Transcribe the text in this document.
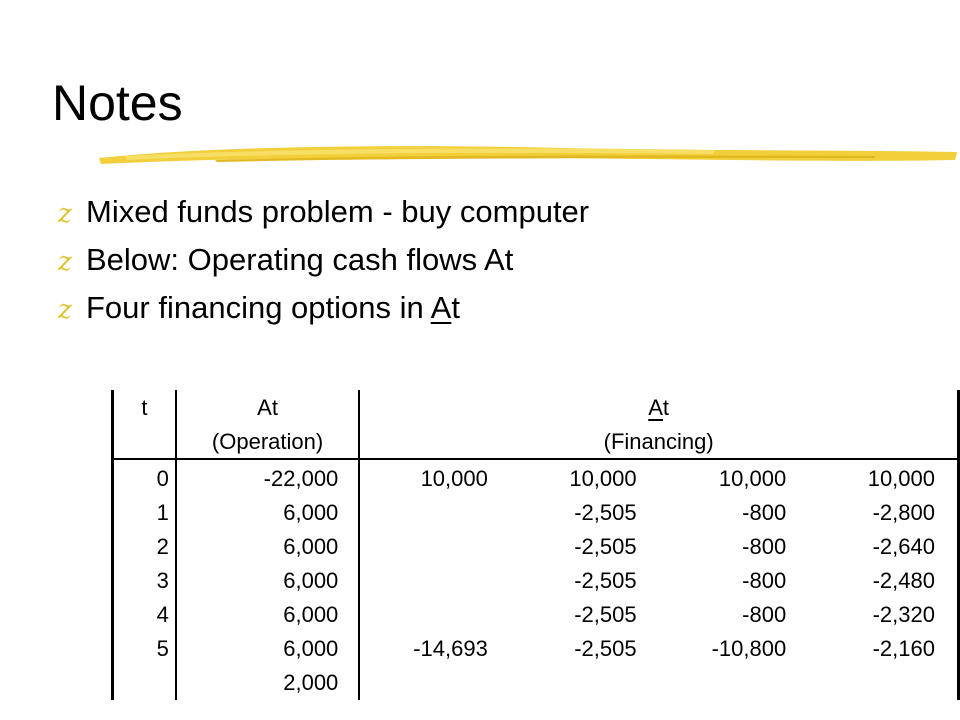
Notes
z Mixed funds problem - buy computer
z Below: Operating cash flows At
z Four financing options in At
t	At	At			
	(Operation)	(Financing)			
0	-22,000	10,000	10,000	10,000	10,000
1	6,000		-2,505	-800	-2,800
2	6,000		-2,505	-800	-2,640
3	6,000		-2,505	-800	-2,480
4	6,000		-2,505	-800	-2,320
5	6,000	-14,693	-2,505	-10,800	-2,160
	2,000				
